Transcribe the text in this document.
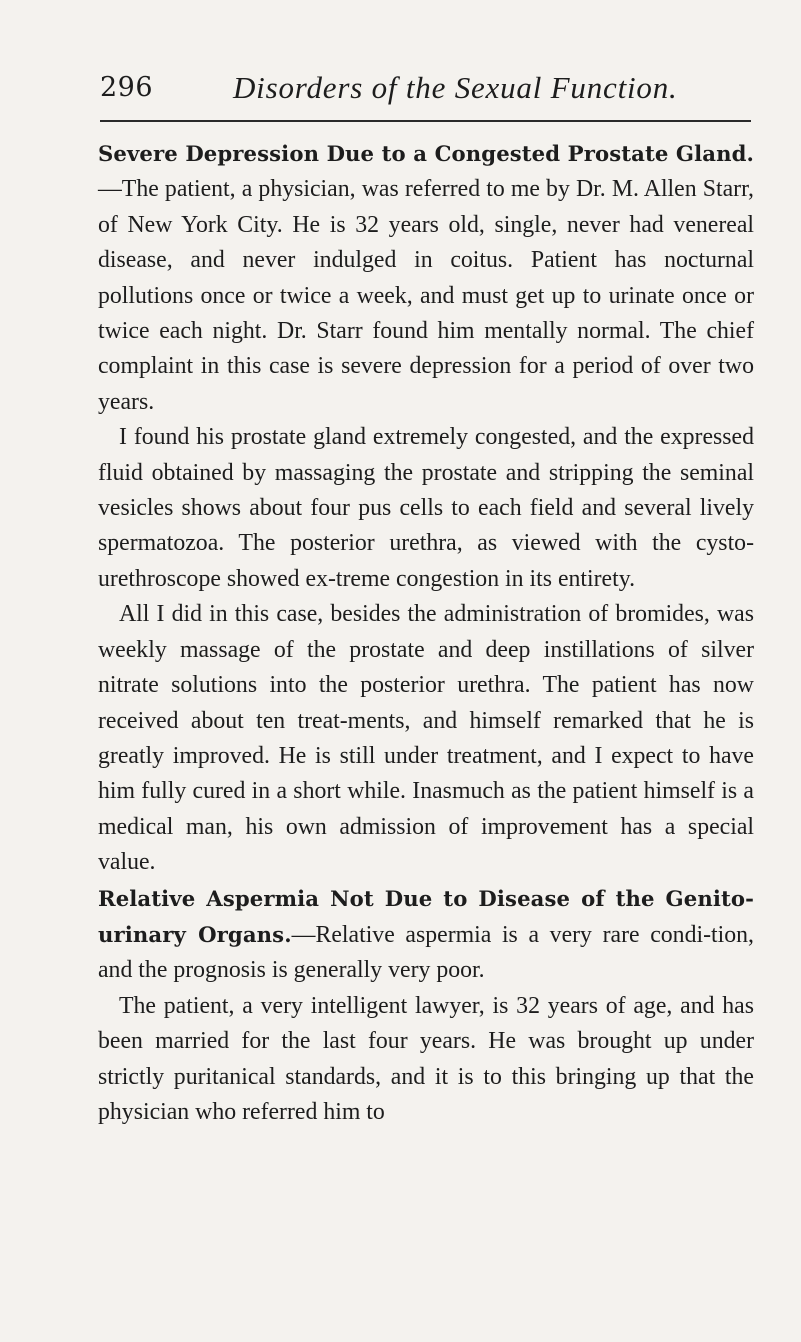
296	Disorders of the Sexual Function.

Severe Depression Due to a Congested Prostate Gland.—The patient, a physician, was referred to me by Dr. M. Allen Starr, of New York City. He is 32 years old, single, never had venereal disease, and never indulged in coitus. Patient has nocturnal pollutions once or twice a week, and must get up to urinate once or twice each night. Dr. Starr found him mentally normal. The chief complaint in this case is severe depression for a period of over two years.

I found his prostate gland extremely congested, and the expressed fluid obtained by massaging the prostate and stripping the seminal vesicles shows about four pus cells to each field and several lively spermatozoa. The posterior urethra, as viewed with the cysto-urethroscope showed ex-treme congestion in its entirety.

All I did in this case, besides the administration of bromides, was weekly massage of the prostate and deep instillations of silver nitrate solutions into the posterior urethra. The patient has now received about ten treat-ments, and himself remarked that he is greatly improved. He is still under treatment, and I expect to have him fully cured in a short while. Inasmuch as the patient himself is a medical man, his own admission of improvement has a special value.

Relative Aspermia Not Due to Disease of the Genito-urinary Organs.—Relative aspermia is a very rare condi-tion, and the prognosis is generally very poor.

The patient, a very intelligent lawyer, is 32 years of age, and has been married for the last four years. He was brought up under strictly puritanical standards, and it is to this bringing up that the physician who referred him to
